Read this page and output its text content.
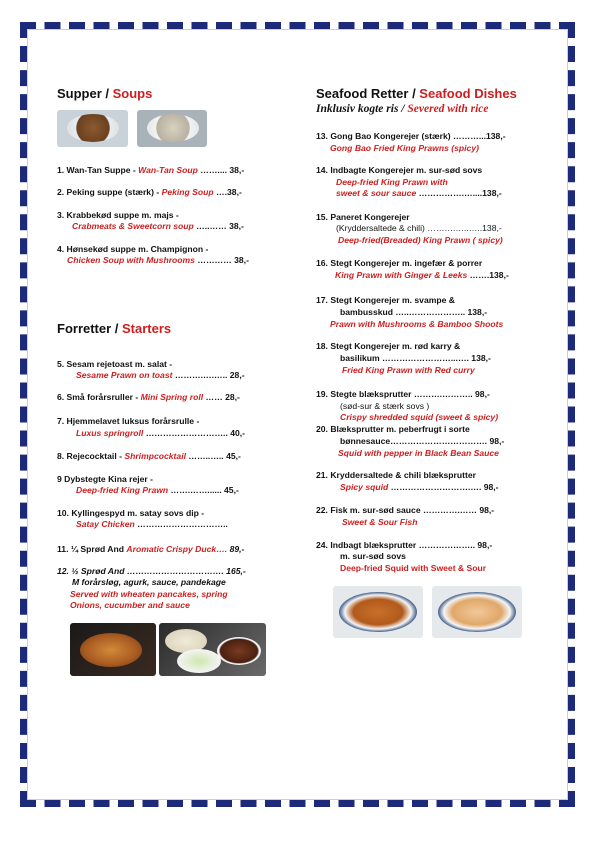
Supper / Soups
1. Wan-Tan Suppe - Wan-Tan Soup …….... 38,-
2. Peking suppe (stærk) - Peking Soup ….38,-
3. Krabbekød suppe m. majs -
Crabmeats & Sweetcorn soup …..…… 38,-
4. Hønsekød suppe m. Champignon -
Chicken Soup with Mushrooms ………… 38,-
Forretter / Starters
5. Sesam rejetoast m. salat -
Sesame Prawn on toast ……….….….. 28,-
6. Små forårsruller - Mini Spring roll …… 28,-
7. Hjemmelavet luksus forårsrulle -
Luxus springroll ……………………….. 40,-
8. Rejecocktail - Shrimpcocktail ……..….. 45,-
9 Dybstegte Kina rejer -
Deep-fried King Prawn …….……...... 45,-
10. Kyllingespyd m. satay sovs dip -
Satay Chicken …………………………..
11. ¼ Sprød And Aromatic Crispy Duck…. 89,-
12. ½ Sprød And ……………………………. 165,-
M forårsløg, agurk, sauce, pandekage
Served with wheaten pancakes, spring
Onions, cucumber and sauce
Seafood Retter / Seafood Dishes
Inklusiv kogte ris / Severed with rice
13. Gong Bao Kongerejer (stærk) ………...138,-
Gong Bao Fried King Prawns (spicy)
14. Indbagte Kongerejer m. sur-sød sovs
Deep-fried King Prawn with
sweet & sour sauce …………….…....138,-
15. Paneret Kongerejer
(Kryddersaltede & chili) ……….…..…..138,-
Deep-fried(Breaded) King Prawn ( spicy)
16. Stegt Kongerejer m. ingefær & porrer
King Prawn with Ginger & Leeks …….138,-
17. Stegt Kongerejer m. svampe &
bambusskud …..……………….. 138,-
Prawn with Mushrooms & Bamboo Shoots
18. Stegt Kongerejer m. rød karry &
basilikum ……………………...…. 138,-
Fried King Prawn with Red curry
19. Stegte blæksprutter ……….……….. 98,-
(sød-sur & stærk sovs )
Crispy shredded squid (sweet & spicy)
20. Blæksprutter m. peberfrugt i sorte
bønnesauce……………………………. 98,-
Squid with pepper in Black Bean Sauce
21. Kryddersaltede & chili blæksprutter
Spicy squid ……………………….…. 98,-
22. Fisk m. sur-sød sauce ………….…… 98,-
Sweet & Sour Fish
24. Indbagt blæksprutter ……………….. 98,-
m. sur-sød sovs
Deep-fried Squid with Sweet & Sour
